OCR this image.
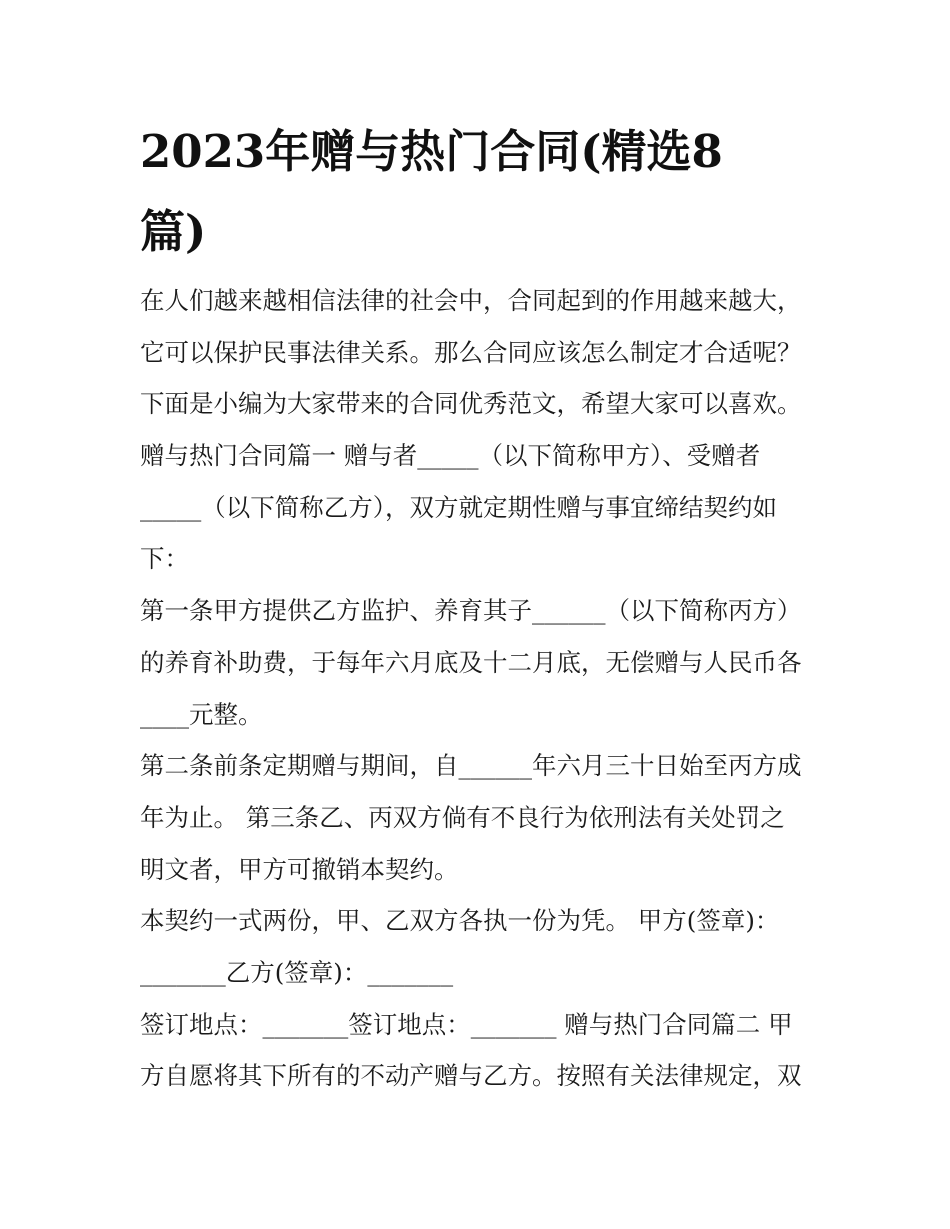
2023年赠与热门合同(精选8
篇)
在人们越来越相信法律的社会中，合同起到的作用越来越大，
它可以保护民事法律关系。那么合同应该怎么制定才合适呢？
下面是小编为大家带来的合同优秀范文，希望大家可以喜欢。
赠与热门合同篇一 赠与者_____（以下简称甲方）、受赠者
_____（以下简称乙方），双方就定期性赠与事宜缔结契约如
下：
第一条甲方提供乙方监护、养育其子______（以下简称丙方）
的养育补助费，于每年六月底及十二月底，无偿赠与人民币各
____元整。
第二条前条定期赠与期间，自______年六月三十日始至丙方成
年为止。 第三条乙、丙双方倘有不良行为依刑法有关处罚之
明文者，甲方可撤销本契约。
本契约一式两份，甲、乙双方各执一份为凭。 甲方(签章)：
_______乙方(签章)：_______
签订地点：_______签订地点：_______ 赠与热门合同篇二 甲
方自愿将其下所有的不动产赠与乙方。按照有关法律规定，双
